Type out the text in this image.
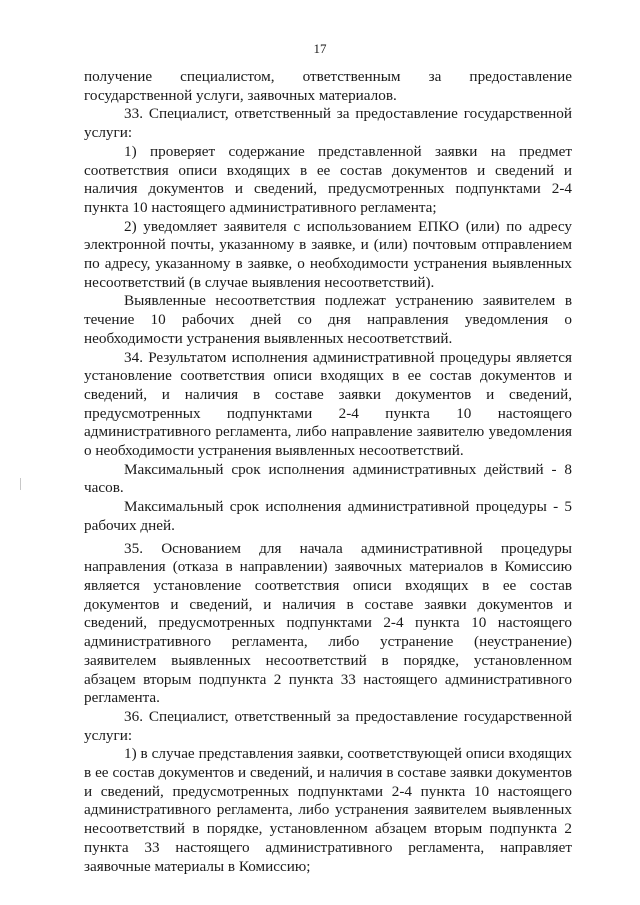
17

получение специалистом, ответственным за предоставление государственной услуги, заявочных материалов.

33. Специалист, ответственный за предоставление государственной услуги:

1) проверяет содержание представленной заявки на предмет соответствия описи входящих в ее состав документов и сведений и наличия документов и сведений, предусмотренных подпунктами 2-4 пункта 10 настоящего административного регламента;

2) уведомляет заявителя с использованием ЕПКО (или) по адресу электронной почты, указанному в заявке, и (или) почтовым отправлением по адресу, указанному в заявке, о необходимости устранения выявленных несоответствий (в случае выявления несоответствий).

Выявленные несоответствия подлежат устранению заявителем в течение 10 рабочих дней со дня направления уведомления о необходимости устранения выявленных несоответствий.

34. Результатом исполнения административной процедуры является установление соответствия описи входящих в ее состав документов и сведений, и наличия в составе заявки документов и сведений, предусмотренных подпунктами 2-4 пункта 10 настоящего административного регламента, либо направление заявителю уведомления о необходимости устранения выявленных несоответствий.

Максимальный срок исполнения административных действий - 8 часов.

Максимальный срок исполнения административной процедуры - 5 рабочих дней.

35. Основанием для начала административной процедуры направления (отказа в направлении) заявочных материалов в Комиссию является установление соответствия описи входящих в ее состав документов и сведений, и наличия в составе заявки документов и сведений, предусмотренных подпунктами 2-4 пункта 10 настоящего административного регламента, либо устранение (неустранение) заявителем выявленных несоответствий в порядке, установленном абзацем вторым подпункта 2 пункта 33 настоящего административного регламента.

36. Специалист, ответственный за предоставление государственной услуги:

1) в случае представления заявки, соответствующей описи входящих в ее состав документов и сведений, и наличия в составе заявки документов и сведений, предусмотренных подпунктами 2-4 пункта 10 настоящего административного регламента, либо устранения заявителем выявленных несоответствий в порядке, установленном абзацем вторым подпункта 2 пункта 33 настоящего административного регламента, направляет заявочные материалы в Комиссию;
